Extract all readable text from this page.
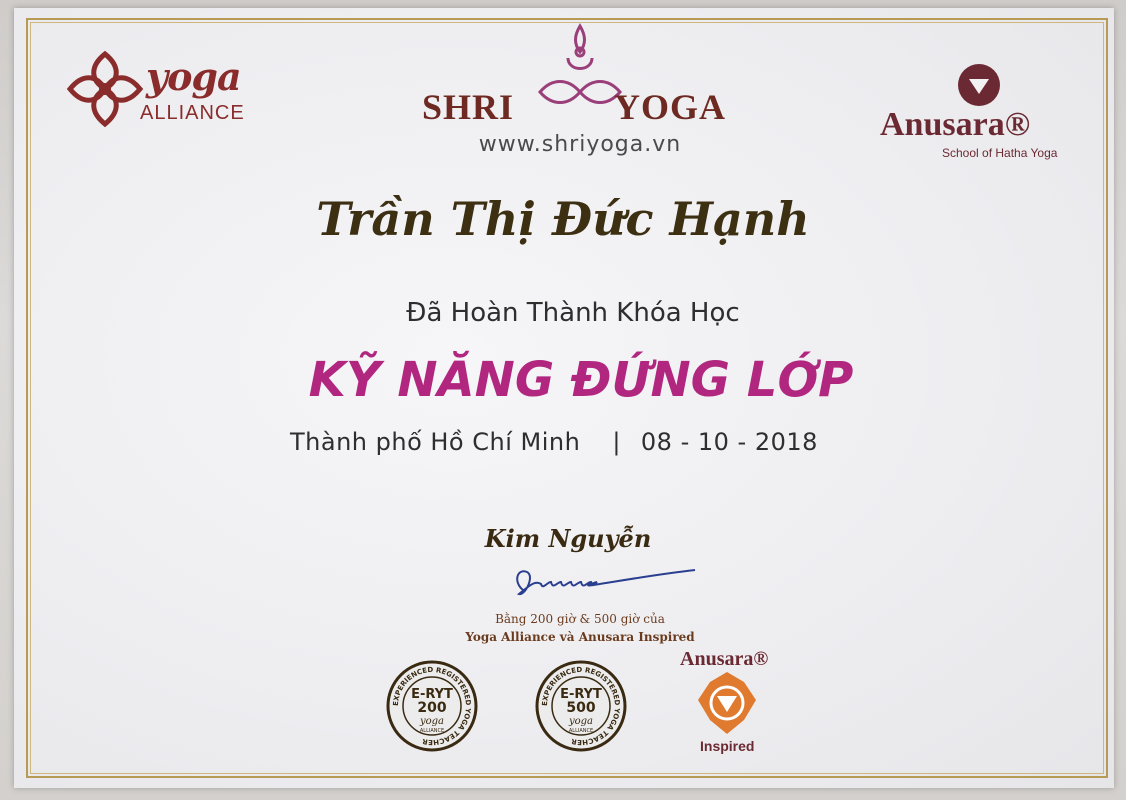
yoga
ALLIANCE	SHRI	YOGA
www.shriyoga.vn
Anusara®
School of Hatha Yoga
Trần Thị Đức Hạnh
Đã Hoàn Thành Khóa Học
KỸ NĂNG ĐỨNG LỚP
Thành phố Hồ Chí Minh | 08 - 10 - 2018
Kim Nguyễn
Bằng 200 giờ & 500 giờ của
Yoga Alliance và Anusara Inspired
EXPERIENCED REGISTERED YOGA TEACHER
E-RYT
200
yoga
ALLIANCE
EXPERIENCED REGISTERED YOGA TEACHER
E-RYT
500
yoga
ALLIANCE
Anusara®
Inspired
